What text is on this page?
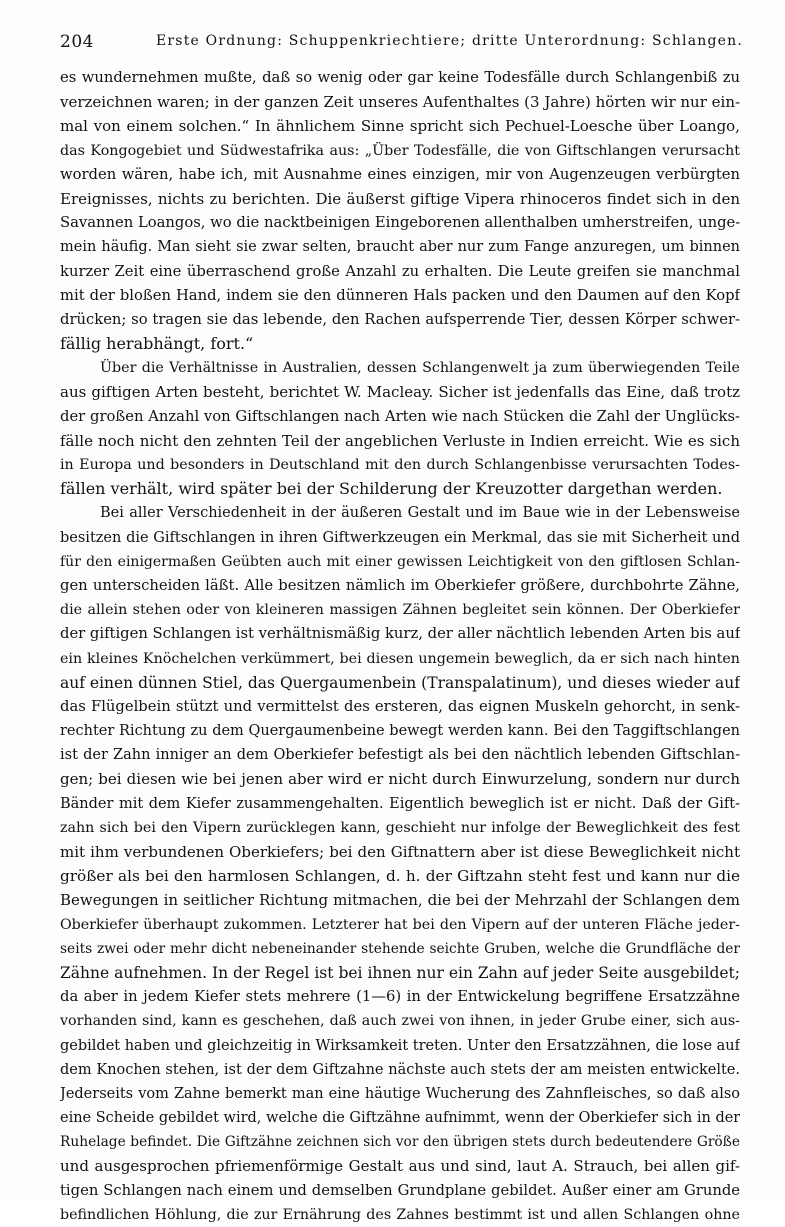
204	Erste Ordnung: Schuppenkriechtiere; dritte Unterordnung: Schlangen.
es wundernehmen mußte, daß so wenig oder gar keine Todesfälle durch Schlangenbiß zu
verzeichnen waren; in der ganzen Zeit unseres Aufenthaltes (3 Jahre) hörten wir nur ein-
mal von einem solchen.“ In ähnlichem Sinne spricht sich Pechuel-Loesche über Loango,
das Kongogebiet und Südwestafrika aus: „Über Todesfälle, die von Giftschlangen verursacht
worden wären, habe ich, mit Ausnahme eines einzigen, mir von Augenzeugen verbürgten
Ereignisses, nichts zu berichten. Die äußerst giftige Vipera rhinoceros findet sich in den
Savannen Loangos, wo die nacktbeinigen Eingeborenen allenthalben umherstreifen, unge-
mein häufig. Man sieht sie zwar selten, braucht aber nur zum Fange anzuregen, um binnen
kurzer Zeit eine überraschend große Anzahl zu erhalten. Die Leute greifen sie manchmal
mit der bloßen Hand, indem sie den dünneren Hals packen und den Daumen auf den Kopf
drücken; so tragen sie das lebende, den Rachen aufsperrende Tier, dessen Körper schwer-
fällig herabhängt, fort.“
Über die Verhältnisse in Australien, dessen Schlangenwelt ja zum überwiegenden Teile
aus giftigen Arten besteht, berichtet W. Macleay. Sicher ist jedenfalls das Eine, daß trotz
der großen Anzahl von Giftschlangen nach Arten wie nach Stücken die Zahl der Unglücks-
fälle noch nicht den zehnten Teil der angeblichen Verluste in Indien erreicht. Wie es sich
in Europa und besonders in Deutschland mit den durch Schlangenbisse verursachten Todes-
fällen verhält, wird später bei der Schilderung der Kreuzotter dargethan werden.
Bei aller Verschiedenheit in der äußeren Gestalt und im Baue wie in der Lebensweise
besitzen die Giftschlangen in ihren Giftwerkzeugen ein Merkmal, das sie mit Sicherheit und
für den einigermaßen Geübten auch mit einer gewissen Leichtigkeit von den giftlosen Schlan-
gen unterscheiden läßt. Alle besitzen nämlich im Oberkiefer größere, durchbohrte Zähne,
die allein stehen oder von kleineren massigen Zähnen begleitet sein können. Der Oberkiefer
der giftigen Schlangen ist verhältnismäßig kurz, der aller nächtlich lebenden Arten bis auf
ein kleines Knöchelchen verkümmert, bei diesen ungemein beweglich, da er sich nach hinten
auf einen dünnen Stiel, das Quergaumenbein (Transpalatinum), und dieses wieder auf
das Flügelbein stützt und vermittelst des ersteren, das eignen Muskeln gehorcht, in senk-
rechter Richtung zu dem Quergaumenbeine bewegt werden kann. Bei den Taggiftschlangen
ist der Zahn inniger an dem Oberkiefer befestigt als bei den nächtlich lebenden Giftschlan-
gen; bei diesen wie bei jenen aber wird er nicht durch Einwurzelung, sondern nur durch
Bänder mit dem Kiefer zusammengehalten. Eigentlich beweglich ist er nicht. Daß der Gift-
zahn sich bei den Vipern zurücklegen kann, geschieht nur infolge der Beweglichkeit des fest
mit ihm verbundenen Oberkiefers; bei den Giftnattern aber ist diese Beweglichkeit nicht
größer als bei den harmlosen Schlangen, d. h. der Giftzahn steht fest und kann nur die
Bewegungen in seitlicher Richtung mitmachen, die bei der Mehrzahl der Schlangen dem
Oberkiefer überhaupt zukommen. Letzterer hat bei den Vipern auf der unteren Fläche jeder-
seits zwei oder mehr dicht nebeneinander stehende seichte Gruben, welche die Grundfläche der
Zähne aufnehmen. In der Regel ist bei ihnen nur ein Zahn auf jeder Seite ausgebildet;
da aber in jedem Kiefer stets mehrere (1—6) in der Entwickelung begriffene Ersatzzähne
vorhanden sind, kann es geschehen, daß auch zwei von ihnen, in jeder Grube einer, sich aus-
gebildet haben und gleichzeitig in Wirksamkeit treten. Unter den Ersatzzähnen, die lose auf
dem Knochen stehen, ist der dem Giftzahne nächste auch stets der am meisten entwickelte.
Jederseits vom Zahne bemerkt man eine häutige Wucherung des Zahnfleisches, so daß also
eine Scheide gebildet wird, welche die Giftzähne aufnimmt, wenn der Oberkiefer sich in der
Ruhelage befindet. Die Giftzähne zeichnen sich vor den übrigen stets durch bedeutendere Größe
und ausgesprochen pfriemenförmige Gestalt aus und sind, laut A. Strauch, bei allen gif-
tigen Schlangen nach einem und demselben Grundplane gebildet. Außer einer am Grunde
befindlichen Höhlung, die zur Ernährung des Zahnes bestimmt ist und allen Schlangen ohne
